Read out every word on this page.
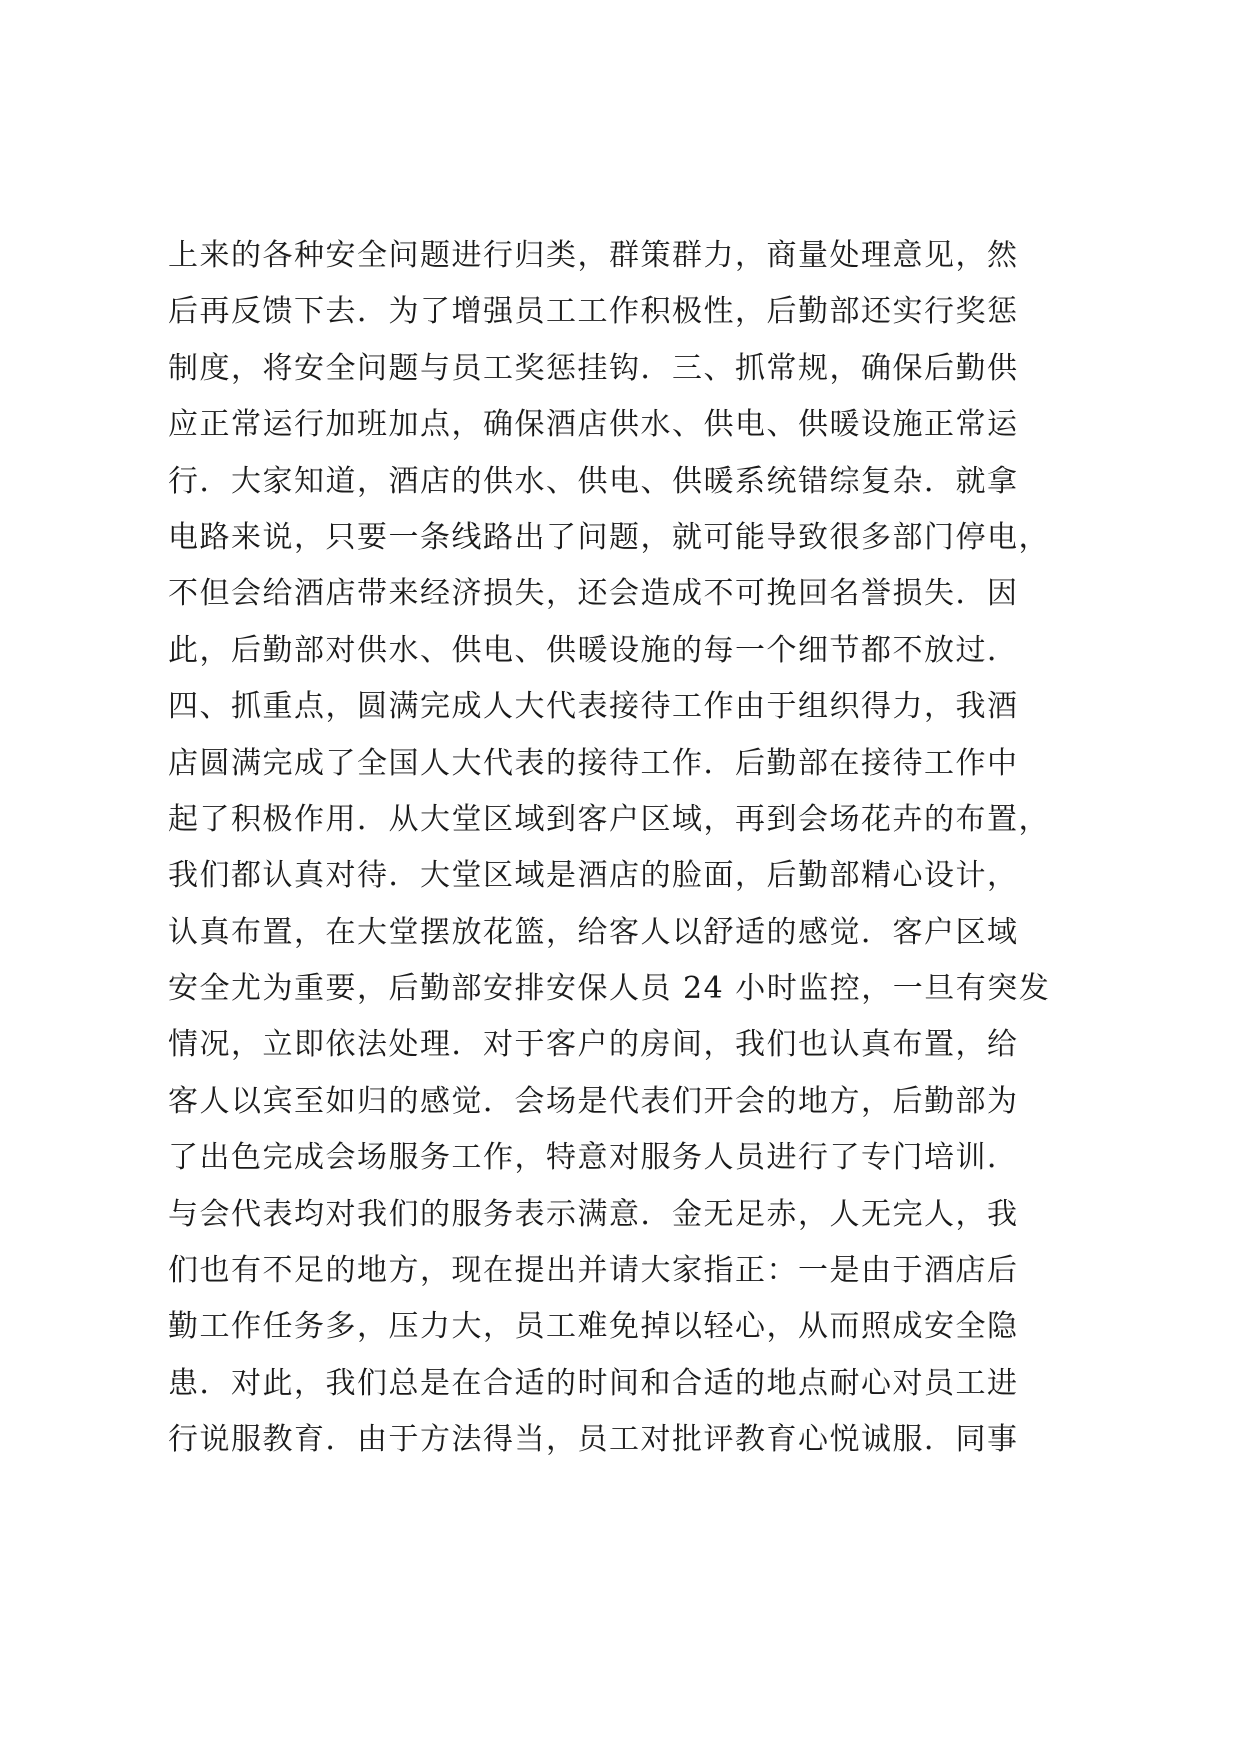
上来的各种安全问题进行归类，群策群力，商量处理意见，然
后再反馈下去．为了增强员工工作积极性，后勤部还实行奖惩
制度，将安全问题与员工奖惩挂钩．三、抓常规，确保后勤供
应正常运行加班加点，确保酒店供水、供电、供暖设施正常运
行．大家知道，酒店的供水、供电、供暖系统错综复杂．就拿
电路来说，只要一条线路出了问题，就可能导致很多部门停电，
不但会给酒店带来经济损失，还会造成不可挽回名誉损失．因
此，后勤部对供水、供电、供暖设施的每一个细节都不放过．
四、抓重点，圆满完成人大代表接待工作由于组织得力，我酒
店圆满完成了全国人大代表的接待工作．后勤部在接待工作中
起了积极作用．从大堂区域到客户区域，再到会场花卉的布置，
我们都认真对待．大堂区域是酒店的脸面，后勤部精心设计，
认真布置，在大堂摆放花篮，给客人以舒适的感觉．客户区域
安全尤为重要，后勤部安排安保人员 24 小时监控，一旦有突发
情况，立即依法处理．对于客户的房间，我们也认真布置，给
客人以宾至如归的感觉．会场是代表们开会的地方，后勤部为
了出色完成会场服务工作，特意对服务人员进行了专门培训．
与会代表均对我们的服务表示满意．金无足赤，人无完人，我
们也有不足的地方，现在提出并请大家指正：一是由于酒店后
勤工作任务多，压力大，员工难免掉以轻心，从而照成安全隐
患．对此，我们总是在合适的时间和合适的地点耐心对员工进
行说服教育．由于方法得当，员工对批评教育心悦诚服．同事
